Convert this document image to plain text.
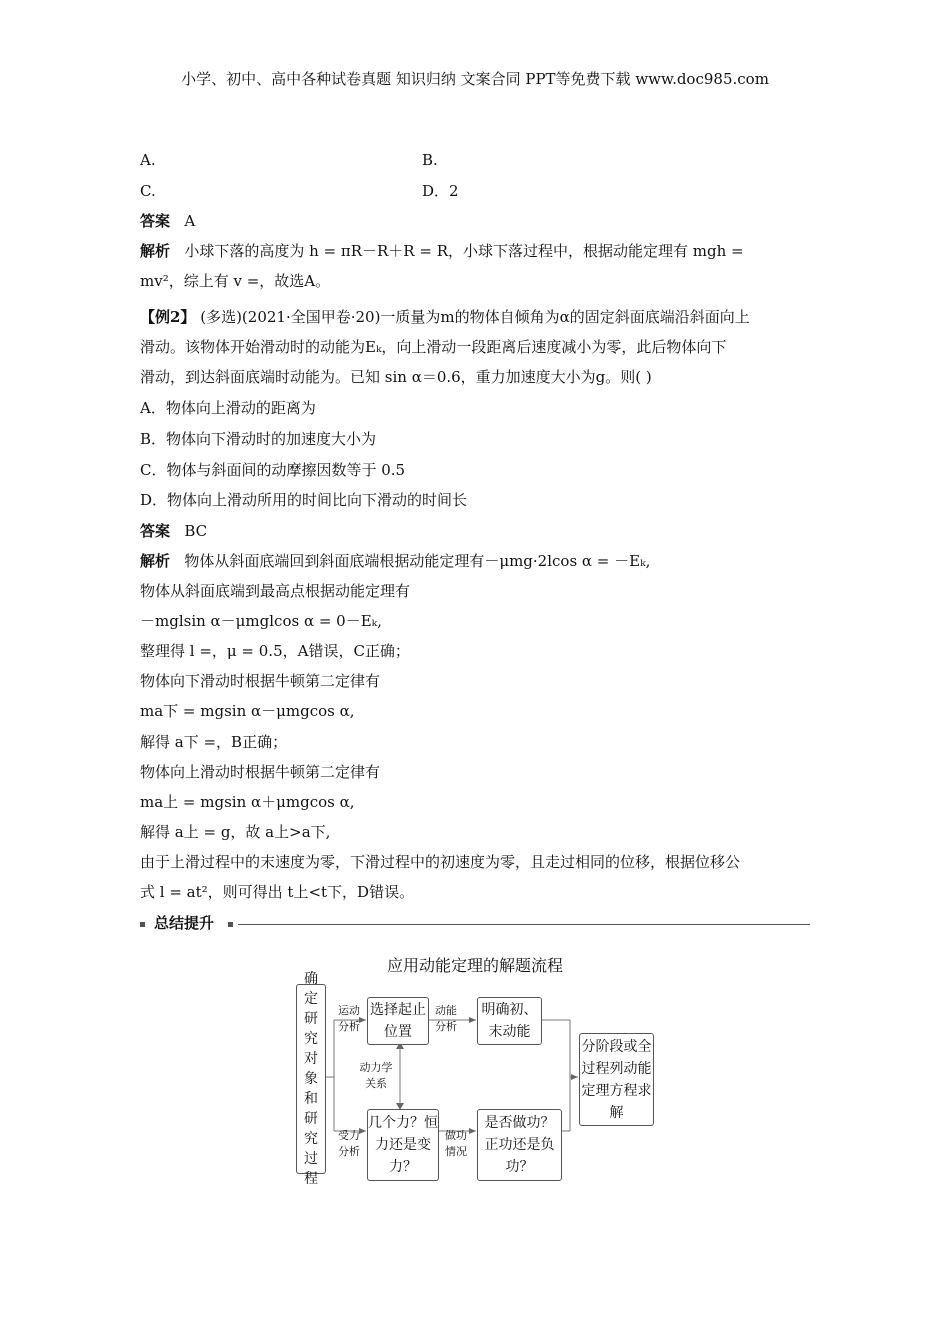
小学、初中、高中各种试卷真题 知识归纳 文案合同 PPT等免费下载 www.doc985.com
A.	B.
C.	D．2
答案 A
解析 小球下落的高度为 h = πR－R＋R = R，小球下落过程中，根据动能定理有 mgh =
mv²，综上有 v =，故选A。
【例2】 (多选)(2021·全国甲卷·20)一质量为m的物体自倾角为α的固定斜面底端沿斜面向上
滑动。该物体开始滑动时的动能为Eₖ，向上滑动一段距离后速度减小为零，此后物体向下
滑动，到达斜面底端时动能为。已知 sin α＝0.6，重力加速度大小为g。则( )
A．物体向上滑动的距离为
B．物体向下滑动时的加速度大小为
C．物体与斜面间的动摩擦因数等于 0.5
D．物体向上滑动所用的时间比向下滑动的时间长
答案 BC
解析 物体从斜面底端回到斜面底端根据动能定理有－μmg·2lcos α = －Eₖ,
物体从斜面底端到最高点根据动能定理有
－mglsin α－μmglcos α = 0－Eₖ,
整理得 l =，μ = 0.5，A错误，C正确；
物体向下滑动时根据牛顿第二定律有
ma下 = mgsin α－μmgcos α,
解得 a下 =，B正确；
物体向上滑动时根据牛顿第二定律有
ma上 = mgsin α＋μmgcos α,
解得 a上 = g，故 a上>a下,
由于上滑过程中的末速度为零，下滑过程中的初速度为零，且走过相同的位移，根据位移公
式 l = at²，则可得出 t上<t下，D错误。
总结提升
应用动能定理的解题流程
确定研究对象和研究过程
选择起止位置
明确初、末动能
几个力？恒力还是变力？
是否做功？正功还是负功？
分阶段或全过程列动能定理方程求解
运动分析
动能分析
动力学关系
受力分析
做功情况
